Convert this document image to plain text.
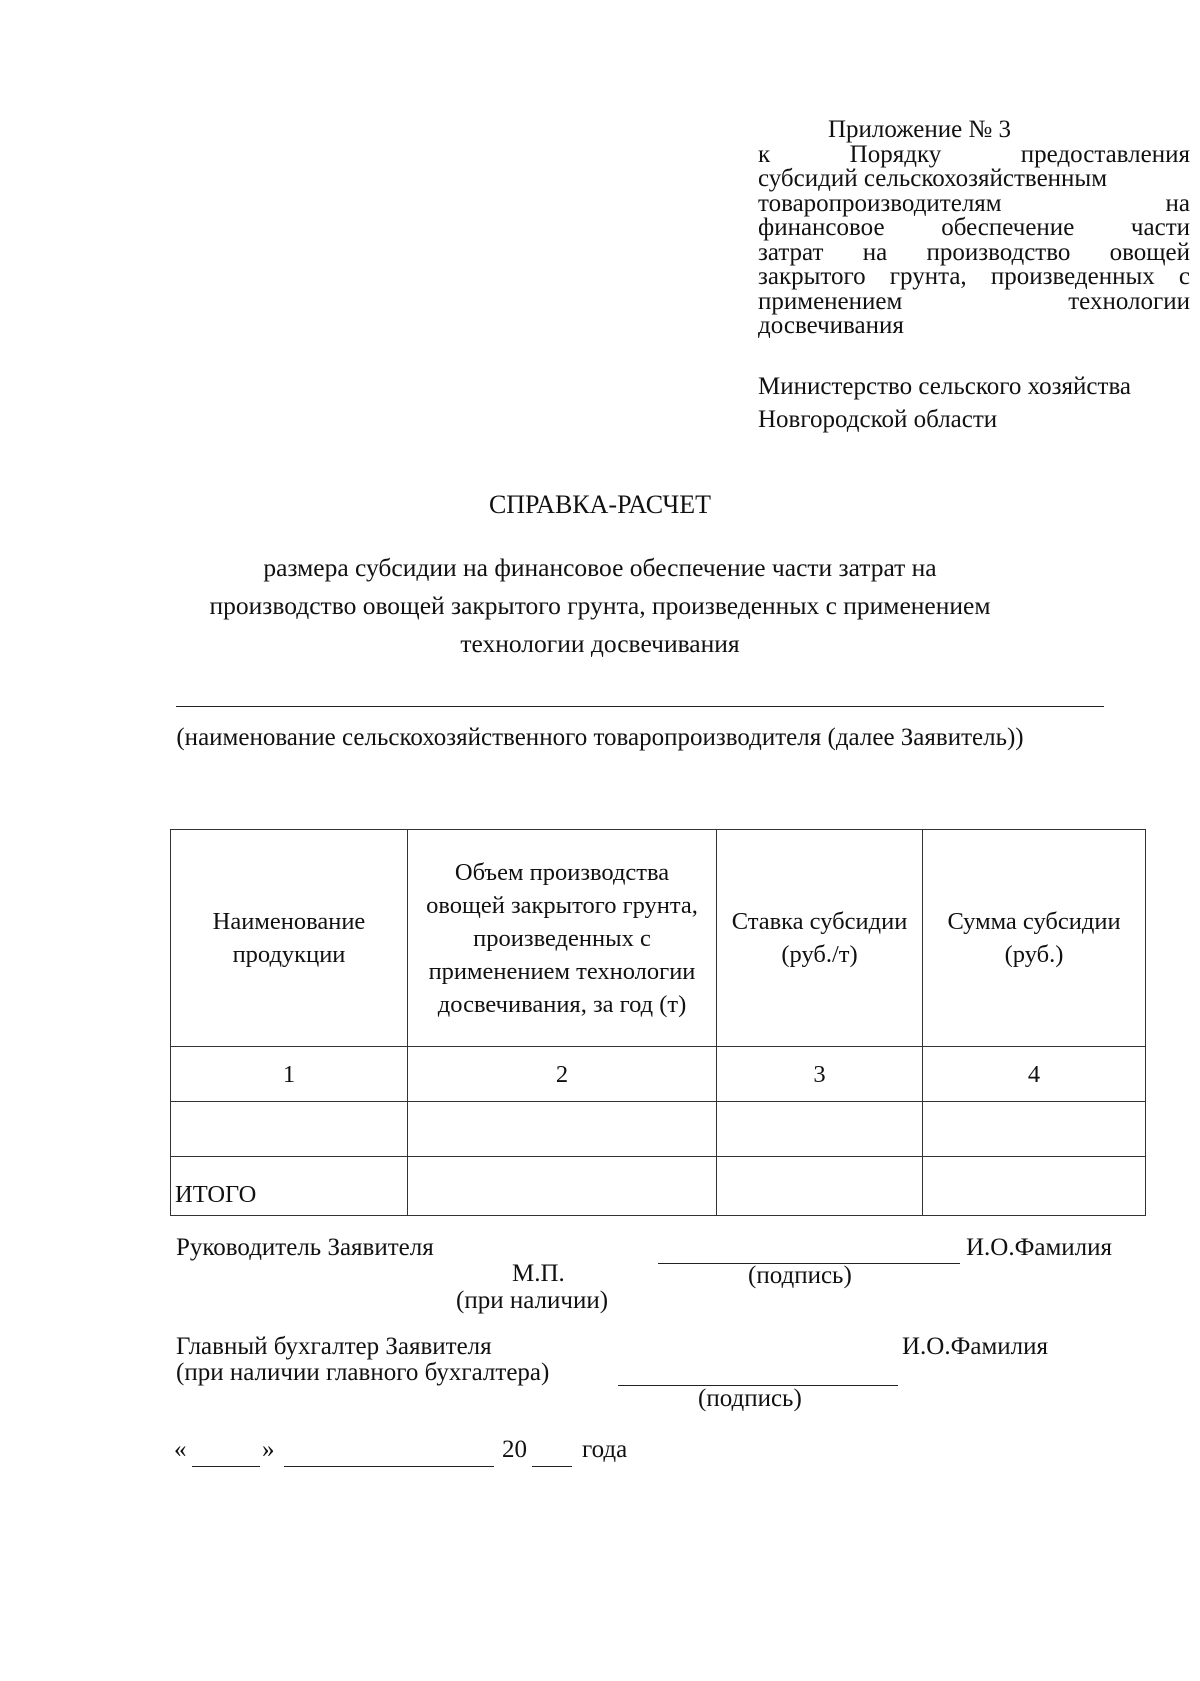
Приложение № 3
к Порядку предоставления
субсидий сельскохозяйственным
товаропроизводителям на
финансовое обеспечение части
затрат на производство овощей
закрытого грунта, произведенных с
применением технологии
досвечивания
Министерство сельского хозяйства
Новгородской области
СПРАВКА-РАСЧЕТ
размера субсидии на финансовое обеспечение части затрат на производство овощей закрытого грунта, произведенных с применением технологии досвечивания
(наименование сельскохозяйственного товаропроизводителя (далее Заявитель))
Наименование продукции	Объем производства овощей закрытого грунта, произведенных с применением технологии досвечивания, за год (т)	Ставка субсидии (руб./т)	Сумма субсидии (руб.)
1	2	3	4

ИТОГО			
Руководитель Заявителя	И.О.Фамилия
М.П.	(подпись)
(при наличии)
Главный бухгалтер Заявителя	И.О.Фамилия
(при наличии главного бухгалтера)
(подпись)
«	»	20 года
